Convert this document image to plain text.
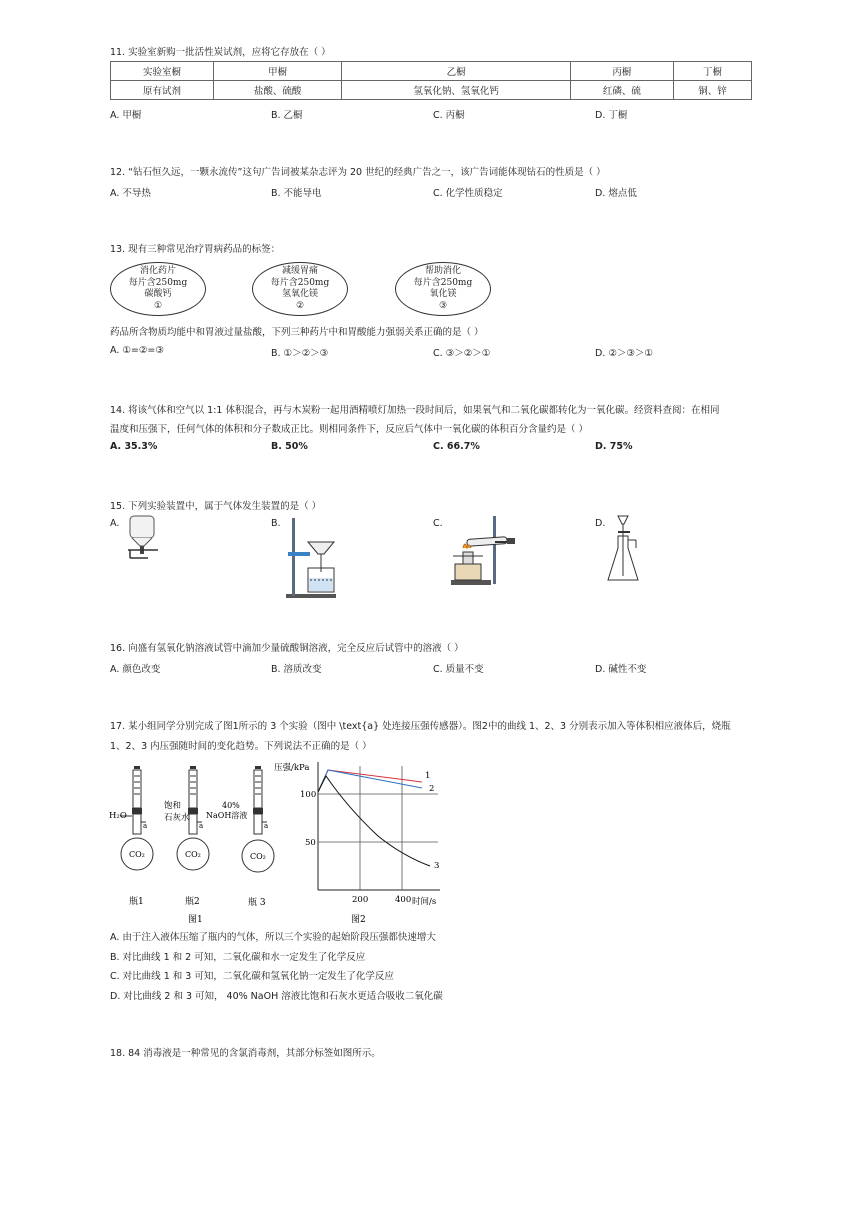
11. 实验室新购一批活性炭试剂，应将它存放在（ ）
实验室橱	甲橱	乙橱	丙橱	丁橱
原有试剂	盐酸、硫酸	氢氧化钠、氢氧化钙	红磷、硫	铜、锌
A. 甲橱	B. 乙橱	C. 丙橱	D. 丁橱
12. “钻石恒久远，一颗永流传”这句广告词被某杂志评为 20 世纪的经典广告之一，该广告词能体现钻石的性质是（ ）
A. 不导热	B. 不能导电	C. 化学性质稳定	D. 熔点低
13. 现有三种常见治疗胃病药品的标签：
消化药片
每片含250mg
碳酸钙
①
减缓胃痛
每片含250mg
氢氧化镁
②
帮助消化
每片含250mg
氧化镁
③
药品所含物质均能中和胃液过量盐酸，下列三种药片中和胃酸能力强弱关系正确的是（ ）
A. ①=②=③	B. ①＞②＞③	C. ③＞②＞①	D. ②＞③＞①
14. 将该气体和空气以 1:1 体积混合，再与木炭粉一起用酒精喷灯加热一段时间后，如果氧气和二氧化碳都转化为一氧化碳。经资料查阅：在相同
温度和压强下，任何气体的体积和分子数成正比。则相同条件下，反应后气体中一氧化碳的体积百分含量约是（ ）
A. 35.3%	B. 50%	C. 66.7%	D. 75%
15. 下列实验装置中，属于气体发生装置的是（ ）
A.	B.	C.	D.
16. 向盛有氢氧化钠溶液试管中滴加少量硫酸铜溶液，完全反应后试管中的溶液（ ）
A. 颜色改变	B. 溶质改变	C. 质量不变	D. 碱性不变
17. 某小组同学分别完成了图1所示的 3 个实验（图中 \text{a} 处连接压强传感器）。图2中的曲线 1、2、3 分别表示加入等体积相应液体后，烧瓶
1、2、3 内压强随时间的变化趋势。下列说法不正确的是（ ）
H₂O
a
CO₂
瓶1
饱和
石灰水
a
CO₂
瓶2
40%
NaOH溶液
a
CO₂
瓶 3
图1
压强/kPa
100
50
200	400 时间/s
1
2
3
图2
A. 由于注入液体压缩了瓶内的气体，所以三个实验的起始阶段压强都快速增大
B. 对比曲线 1 和 2 可知，二氧化碳和水一定发生了化学反应
C. 对比曲线 1 和 3 可知，二氧化碳和氢氧化钠一定发生了化学反应
D. 对比曲线 2 和 3 可知， 40% NaOH 溶液比饱和石灰水更适合吸收二氧化碳
18. 84 消毒液是一种常见的含氯消毒剂，其部分标签如图所示。
